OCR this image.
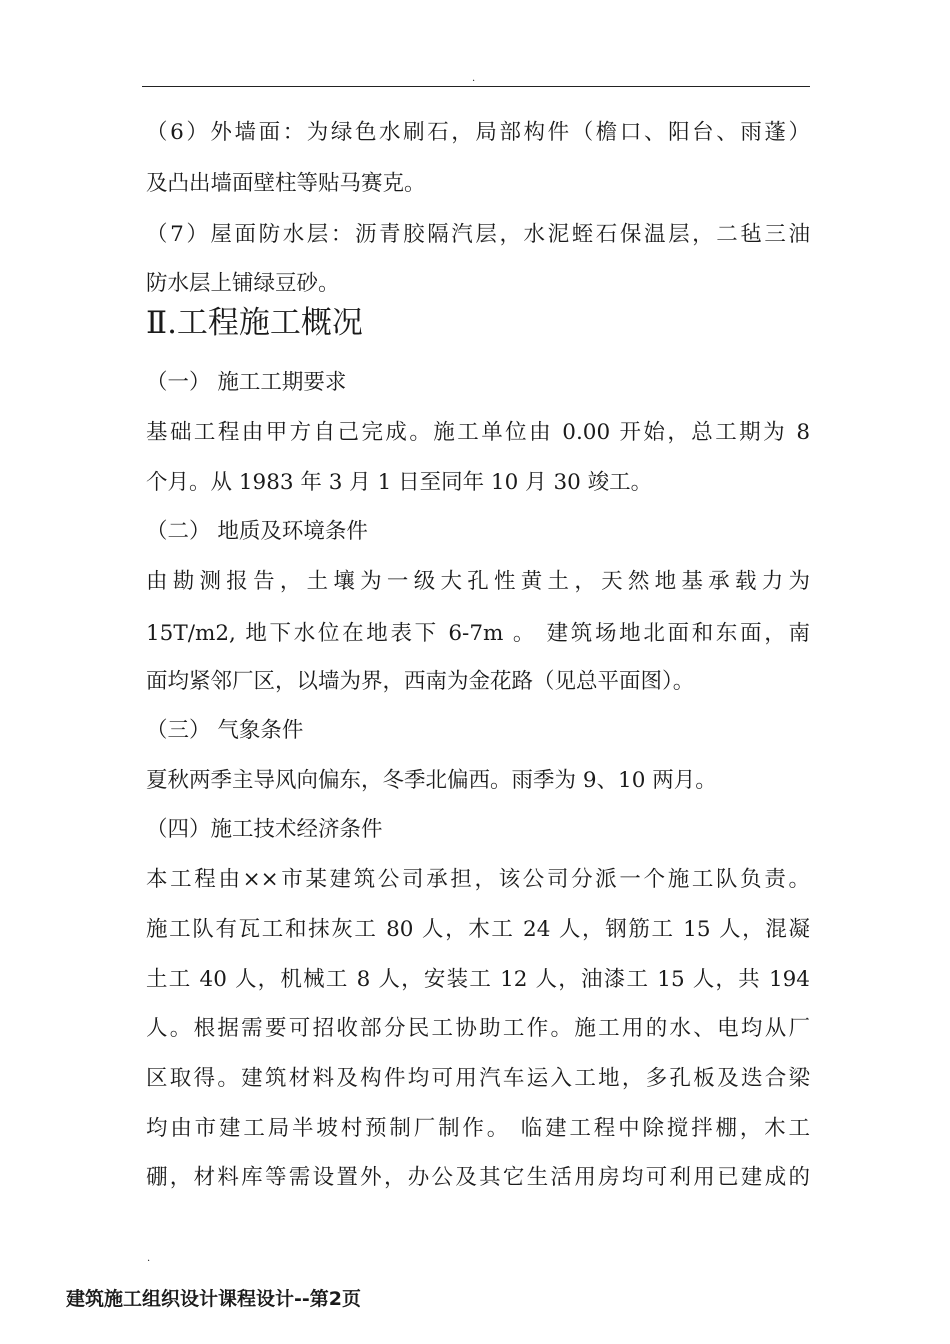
.
（6）外墙面：为绿色水刷石，局部构件（檐口、阳台、雨蓬）
及凸出墙面壁柱等贴马赛克。
（7）屋面防水层：沥青胶隔汽层，水泥蛭石保温层，二毡三油
防水层上铺绿豆砂。
Ⅱ.工程施工概况
（一） 施工工期要求
基础工程由甲方自己完成。施工单位由 0.00 开始，总工期为 8
个月。从 1983 年 3 月 1 日至同年 10 月 30 竣工。
（二） 地质及环境条件
由勘测报告，土壤为一级大孔性黄土，天然地基承载力为
15T/m2, 地下水位在地表下 6-7m 。 建筑场地北面和东面，南
面均紧邻厂区，以墙为界，西南为金花路（见总平面图）。
（三） 气象条件
夏秋两季主导风向偏东，冬季北偏西。雨季为 9、10 两月。
（四）施工技术经济条件
本工程由××市某建筑公司承担，该公司分派一个施工队负责。
施工队有瓦工和抹灰工 80 人，木工 24 人，钢筋工 15 人，混凝
土工 40 人，机械工 8 人，安装工 12 人，油漆工 15 人，共 194
人。根据需要可招收部分民工协助工作。施工用的水、电均从厂
区取得。建筑材料及构件均可用汽车运入工地，多孔板及迭合梁
均由市建工局半坡村预制厂制作。 临建工程中除搅拌棚，木工
硼，材料库等需设置外，办公及其它生活用房均可利用已建成的
.
建筑施工组织设计课程设计--第2页
